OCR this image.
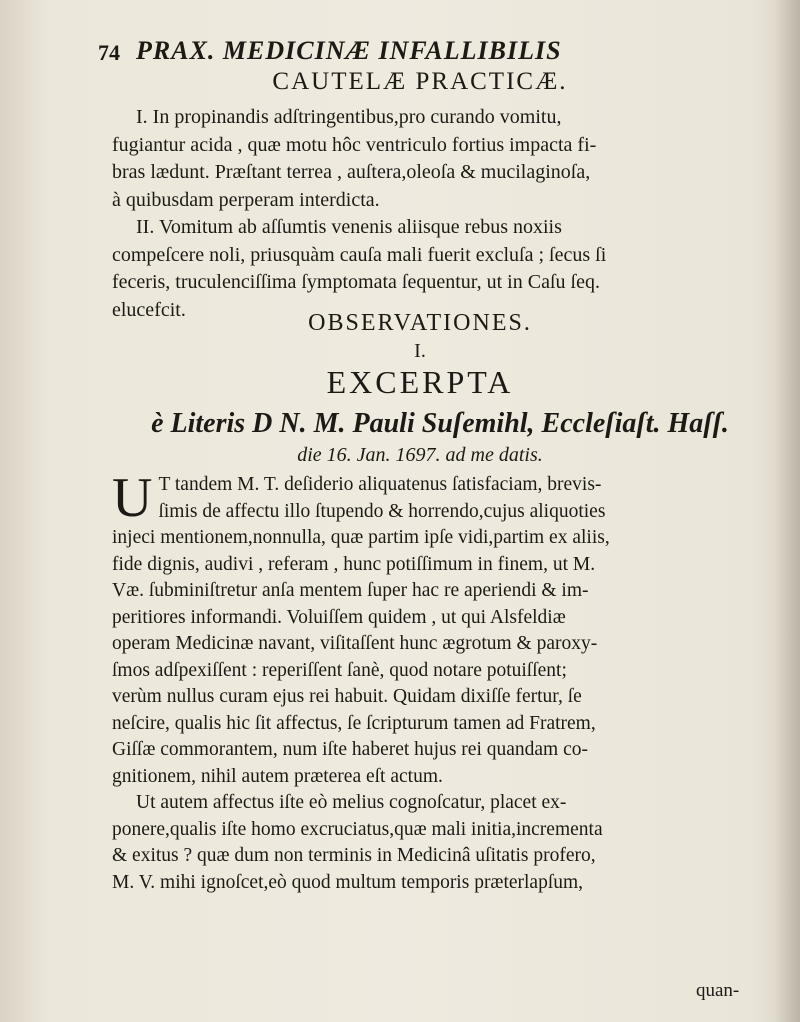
74 PRAX. MEDICINÆ INFALLIBILIS
CAUTELÆ PRACTICÆ.

I. In propinandis adſtringentibus,pro curando vomitu,
fugiantur acida , quæ motu hôc ventriculo fortius impacta fi-
bras lædunt. Præſtant terrea , auſtera,oleoſa & mucilaginoſa,
à quibusdam perperam interdicta.

II. Vomitum ab aſſumtis venenis aliisque rebus noxiis
compeſcere noli, priusquàm cauſa mali fuerit excluſa ; ſecus ſi
feceris, truculenciſſima ſymptomata ſequentur, ut in Caſu ſeq.
elucefcit.

OBSERVATIONES.
I.
EXCERPTA
è Literis D N. M. Pauli Suſemihl, Eccleſiaſt. Haſſ.
die 16. Jan. 1697. ad me datis.

U T tandem M. T. deſiderio aliquatenus ſatisfaciam, brevis-
ſimis de affectu illo ſtupendo & horrendo,cujus aliquoties
injeci mentionem,nonnulla, quæ partim ipſe vidi,partim ex aliis,
fide dignis, audivi , referam , hunc potiſſimum in finem, ut M.
Væ. ſubminiſtretur anſa mentem ſuper hac re aperiendi & im-
peritiores informandi. Voluiſſem quidem , ut qui Alsfeldiæ
operam Medicinæ navant, viſitaſſent hunc ægrotum & paroxy-
ſmos adſpexiſſent : reperiſſent ſanè, quod notare potuiſſent;
verùm nullus curam ejus rei habuit. Quidam dixiſſe fertur, ſe
neſcire, qualis hic ſit affectus, ſe ſcripturum tamen ad Fratrem,
Giſſæ commorantem, num iſte haberet hujus rei quandam co-
gnitionem, nihil autem præterea eſt actum.

Ut autem affectus iſte eò melius cognoſcatur, placet ex-
ponere,qualis iſte homo excruciatus,quæ mali initia,incrementa
& exitus ? quæ dum non terminis in Medicinâ uſitatis profero,
M. V. mihi ignoſcet,eò quod multum temporis præterlapſum,

quan-
